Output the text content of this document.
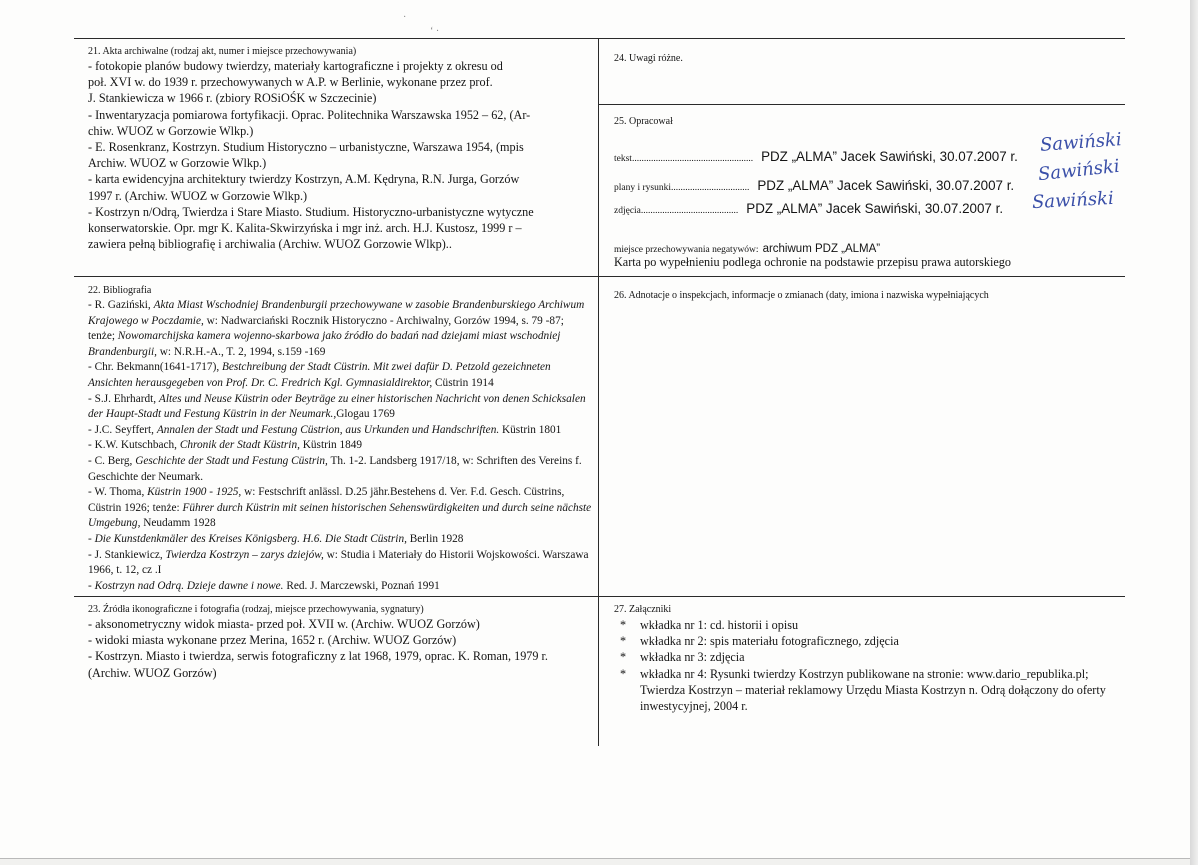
·
ʻ ·
21. Akta archiwalne (rodzaj akt, numer i miejsce przechowywania)
- fotokopie planów budowy twierdzy, materiały kartograficzne i projekty z okresu od
poł. XVI w. do 1939 r. przechowywanych w A.P. w Berlinie, wykonane przez prof.
J. Stankiewicza w 1966 r. (zbiory ROSiOŚK w Szczecinie)
- Inwentaryzacja pomiarowa fortyfikacji. Oprac. Politechnika Warszawska 1952 – 62, (Ar-
chiw. WUOZ w Gorzowie Wlkp.)
- E. Rosenkranz, Kostrzyn. Studium Historyczno – urbanistyczne, Warszawa 1954, (mpis
Archiw. WUOZ w Gorzowie Wlkp.)
- karta ewidencyjna architektury twierdzy Kostrzyn, A.M. Kędryna, R.N. Jurga, Gorzów
1997 r. (Archiw. WUOZ w Gorzowie Wlkp.)
- Kostrzyn n/Odrą, Twierdza i Stare Miasto. Studium. Historyczno-urbanistyczne wytyczne
konserwatorskie. Opr. mgr K. Kalita-Skwirzyńska i mgr inż. arch. H.J. Kustosz, 1999 r –
zawiera pełną bibliografię i archiwalia (Archiw. WUOZ Gorzowie Wlkp)..
24. Uwagi różne.
25. Opracował
tekst................................................... PDZ „ALMA” Jacek Sawiński, 30.07.2007 r.
Sawiński
plany i rysunki................................. PDZ „ALMA” Jacek Sawiński, 30.07.2007 r.
Sawiński
zdjęcia......................................... PDZ „ALMA” Jacek Sawiński, 30.07.2007 r. Sawiński
miejsce przechowywania negatywów: archiwum PDZ „ALMA”
Karta po wypełnieniu podlega ochronie na podstawie przepisu prawa autorskiego
22. Bibliografia
- R. Gaziński, Akta Miast Wschodniej Brandenburgii przechowywane w zasobie Brandenburskiego Archiwum Krajowego w Poczdamie, w: Nadwarciański Rocznik Historyczno - Archiwalny, Gorzów 1994, s. 79 -87; tenże; Nowomarchijska kamera wojenno-skarbowa jako źródło do badań nad dziejami miast wschodniej Brandenburgii, w: N.R.H.-A., T. 2, 1994, s.159 -169
- Chr. Bekmann(1641-1717), Bestchreibung der Stadt Cüstrin. Mit zwei dafür D. Petzold gezeichneten Ansichten herausgegeben von Prof. Dr. C. Fredrich Kgl. Gymnasialdirektor, Cüstrin 1914
- S.J. Ehrhardt, Altes und Neuse Küstrin oder Beyträge zu einer historischen Nachricht von denen Schicksalen der Haupt-Stadt und Festung Küstrin in der Neumark.,Glogau 1769
- J.C. Seyffert, Annalen der Stadt und Festung Cüstrion, aus Urkunden und Handschriften. Küstrin 1801
- K.W. Kutschbach, Chronik der Stadt Küstrin, Küstrin 1849
- C. Berg, Geschichte der Stadt und Festung Cüstrin, Th. 1-2. Landsberg 1917/18, w: Schriften des Vereins f. Geschichte der Neumark.
- W. Thoma, Küstrin 1900 - 1925, w: Festschrift anlässl. D.25 jähr.Bestehens d. Ver. F.d. Gesch. Cüstrins, Cüstrin 1926; tenże: Führer durch Küstrin mit seinen historischen Sehenswürdigkeiten und durch seine nächste Umgebung, Neudamm 1928
- Die Kunstdenkmäler des Kreises Königsberg. H.6. Die Stadt Cüstrin, Berlin 1928
- J. Stankiewicz, Twierdza Kostrzyn – zarys dziejów, w: Studia i Materiały do Historii Wojskowości. Warszawa 1966, t. 12, cz .I
- Kostrzyn nad Odrą. Dzieje dawne i nowe. Red. J. Marczewski, Poznań 1991
26. Adnotacje o inspekcjach, informacje o zmianach (daty, imiona i nazwiska wypełniających
23. Źródła ikonograficzne i fotografia (rodzaj, miejsce przechowywania, sygnatury)
- aksonometryczny widok miasta- przed poł. XVII w. (Archiw. WUOZ Gorzów)
- widoki miasta wykonane przez Merina, 1652 r. (Archiw. WUOZ Gorzów)
- Kostrzyn. Miasto i twierdza, serwis fotograficzny z lat 1968, 1979, oprac. K. Roman, 1979 r.
(Archiw. WUOZ Gorzów)
27. Załączniki
* wkładka nr 1: cd. historii i opisu
* wkładka nr 2: spis materiału fotograficznego, zdjęcia
* wkładka nr 3: zdjęcia
* wkładka nr 4: Rysunki twierdzy Kostrzyn publikowane na stronie: www.dario_republika.pl; Twierdza Kostrzyn – materiał reklamowy Urzędu Miasta Kostrzyn n. Odrą dołączony do oferty inwestycyjnej, 2004 r.
